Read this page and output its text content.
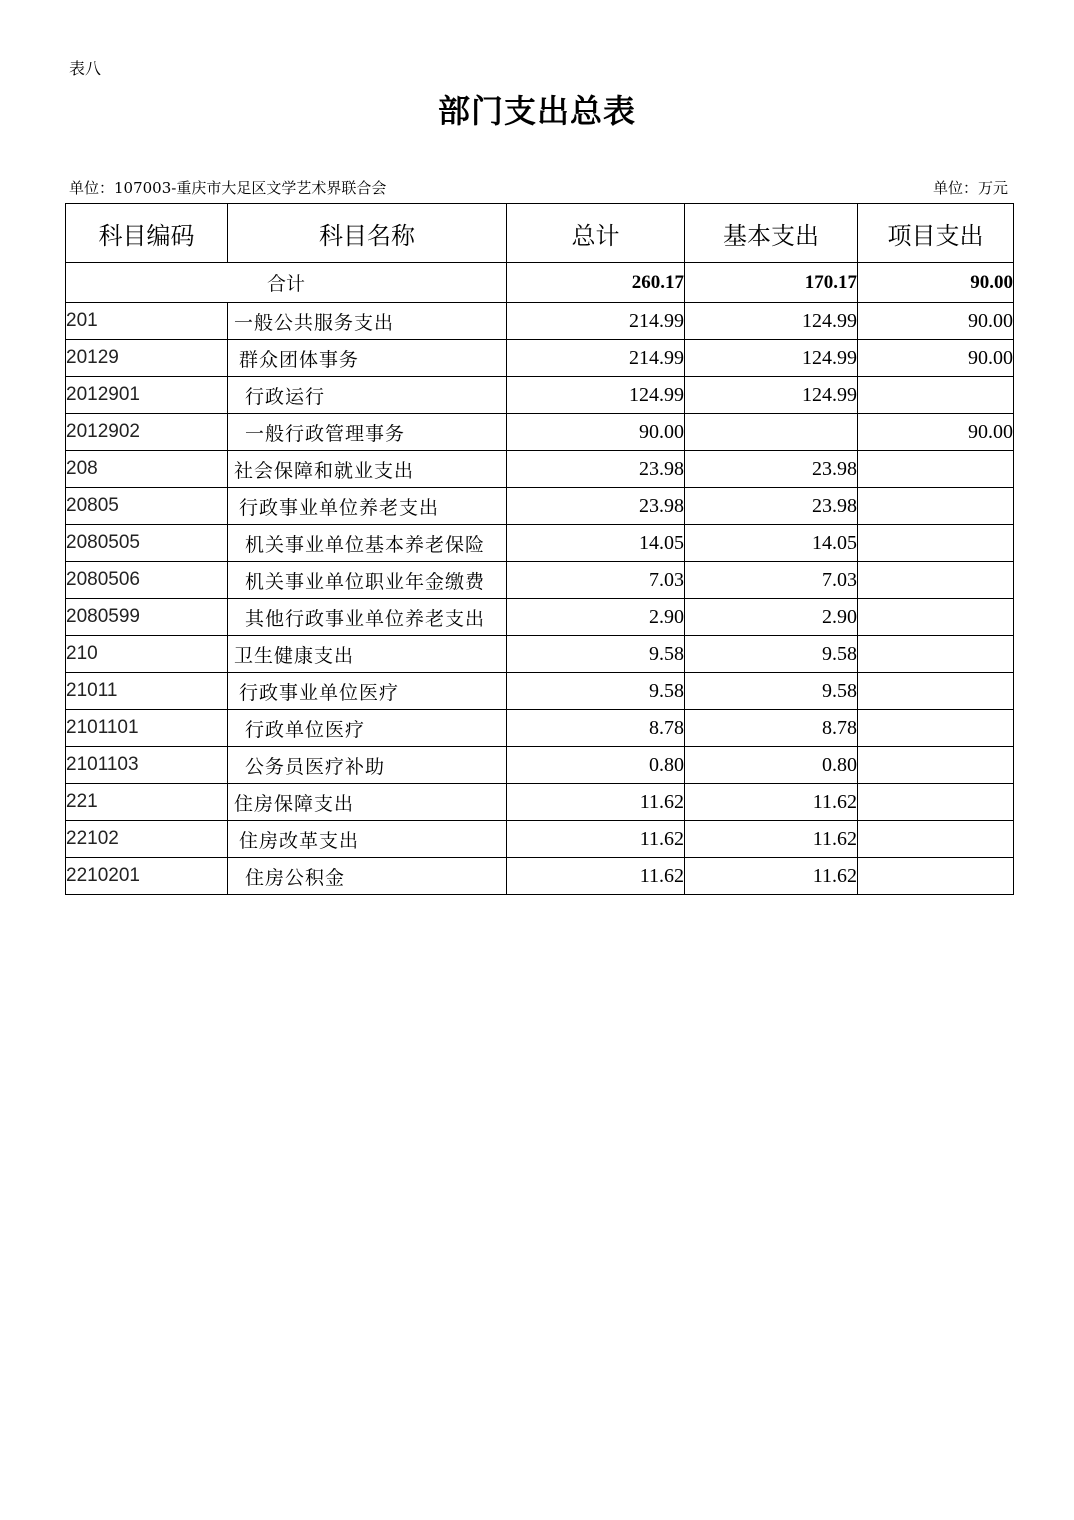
表八
部门支出总表
单位：107003-重庆市大足区文学艺术界联合会	单位：万元
科目编码	科目名称	总计	基本支出	项目支出
合计		260.17	170.17	90.00
201	一般公共服务支出	214.99	124.99	90.00
20129	群众团体事务	214.99	124.99	90.00
2012901	行政运行	124.99	124.99	
2012902	一般行政管理事务	90.00		90.00
208	社会保障和就业支出	23.98	23.98	
20805	行政事业单位养老支出	23.98	23.98	
2080505	机关事业单位基本养老保险	14.05	14.05	
2080506	机关事业单位职业年金缴费	7.03	7.03	
2080599	其他行政事业单位养老支出	2.90	2.90	
210	卫生健康支出	9.58	9.58	
21011	行政事业单位医疗	9.58	9.58	
2101101	行政单位医疗	8.78	8.78	
2101103	公务员医疗补助	0.80	0.80	
221	住房保障支出	11.62	11.62	
22102	住房改革支出	11.62	11.62	
2210201	住房公积金	11.62	11.62	
